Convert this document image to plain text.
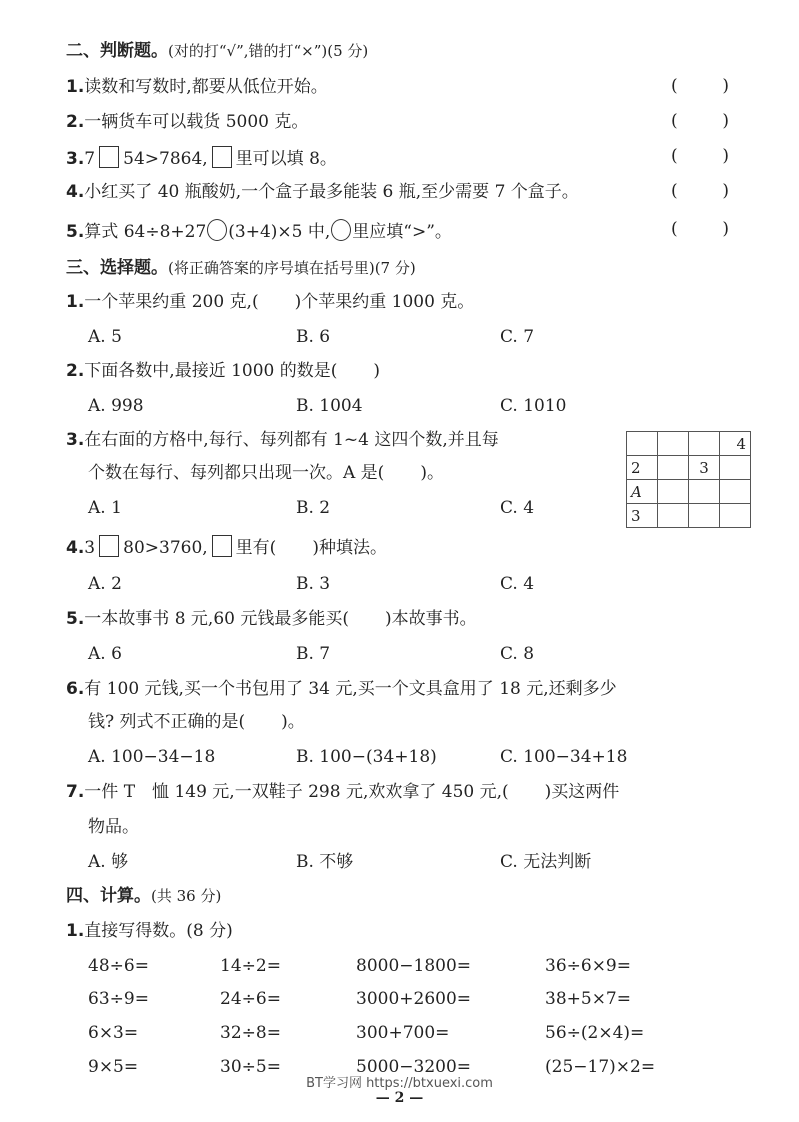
二、判断题。(对的打“√”,错的打“×”)(5 分)
1.读数和写数时,都要从低位开始。	(	)
2.一辆货车可以载货 5000 克。	(	)
3.7 54>7864, 里可以填 8。	(	)
4.小红买了 40 瓶酸奶,一个盒子最多能装 6 瓶,至少需要 7 个盒子。	(	)
5.算式 64÷8+27 (3+4)×5 中, 里应填“>”。	(	)
三、选择题。(将正确答案的序号填在括号里)(7 分)
1.一个苹果约重 200 克,( )个苹果约重 1000 克。
A. 5	B. 6	C. 7
2.下面各数中,最接近 1000 的数是( )
A. 998	B. 1004	C. 1010
3.在右面的方格中,每行、每列都有 1~4 这四个数,并且每
个数在每行、每列都只出现一次。A 是( )。
A. 1	B. 2	C. 4
			4
2		3	
A			
3			
4.3 80>3760, 里有( )种填法。
A. 2	B. 3	C. 4
5.一本故事书 8 元,60 元钱最多能买( )本故事书。
A. 6	B. 7	C. 8
6.有 100 元钱,买一个书包用了 34 元,买一个文具盒用了 18 元,还剩多少
钱? 列式不正确的是( )。
A. 100−34−18	B. 100−(34+18)	C. 100−34+18
7.一件 T　恤 149 元,一双鞋子 298 元,欢欢拿了 450 元,( )买这两件
物品。
A. 够	B. 不够	C. 无法判断
四、计算。(共 36 分)
1.直接写得数。(8 分)
48÷6=	14÷2=	8000−1800=	36÷6×9=
63÷9=	24÷6=	3000+2600=	38+5×7=
6×3=	32÷8=	300+700=	56÷(2×4)=
9×5=	30÷5=	5000−3200=	(25−17)×2=
BT学习网 https://btxuexi.com
— 2 —
